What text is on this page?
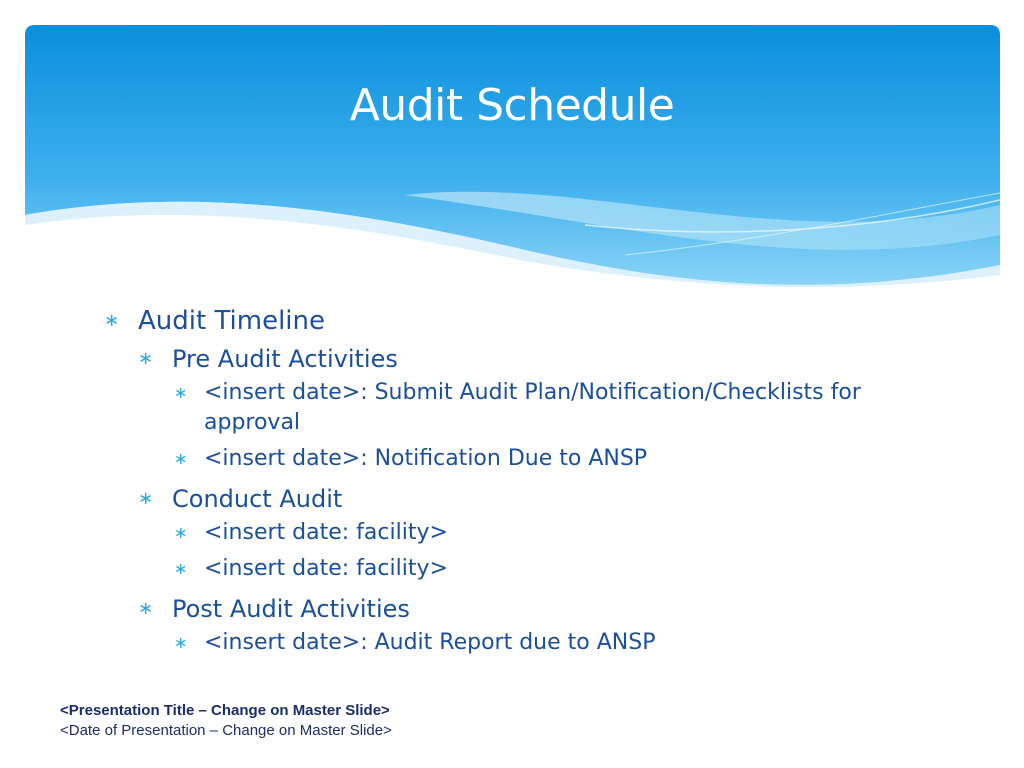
Audit Schedule
∗ Audit Timeline
∗ Pre Audit Activities
∗ <insert date>: Submit Audit Plan/Notification/Checklists for approval
∗ <insert date>: Notification Due to ANSP
∗ Conduct Audit
∗ <insert date: facility>
∗ <insert date: facility>
∗ Post Audit Activities
∗ <insert date>: Audit Report due to ANSP
<Presentation Title – Change on Master Slide>
<Date of Presentation – Change on Master Slide>
